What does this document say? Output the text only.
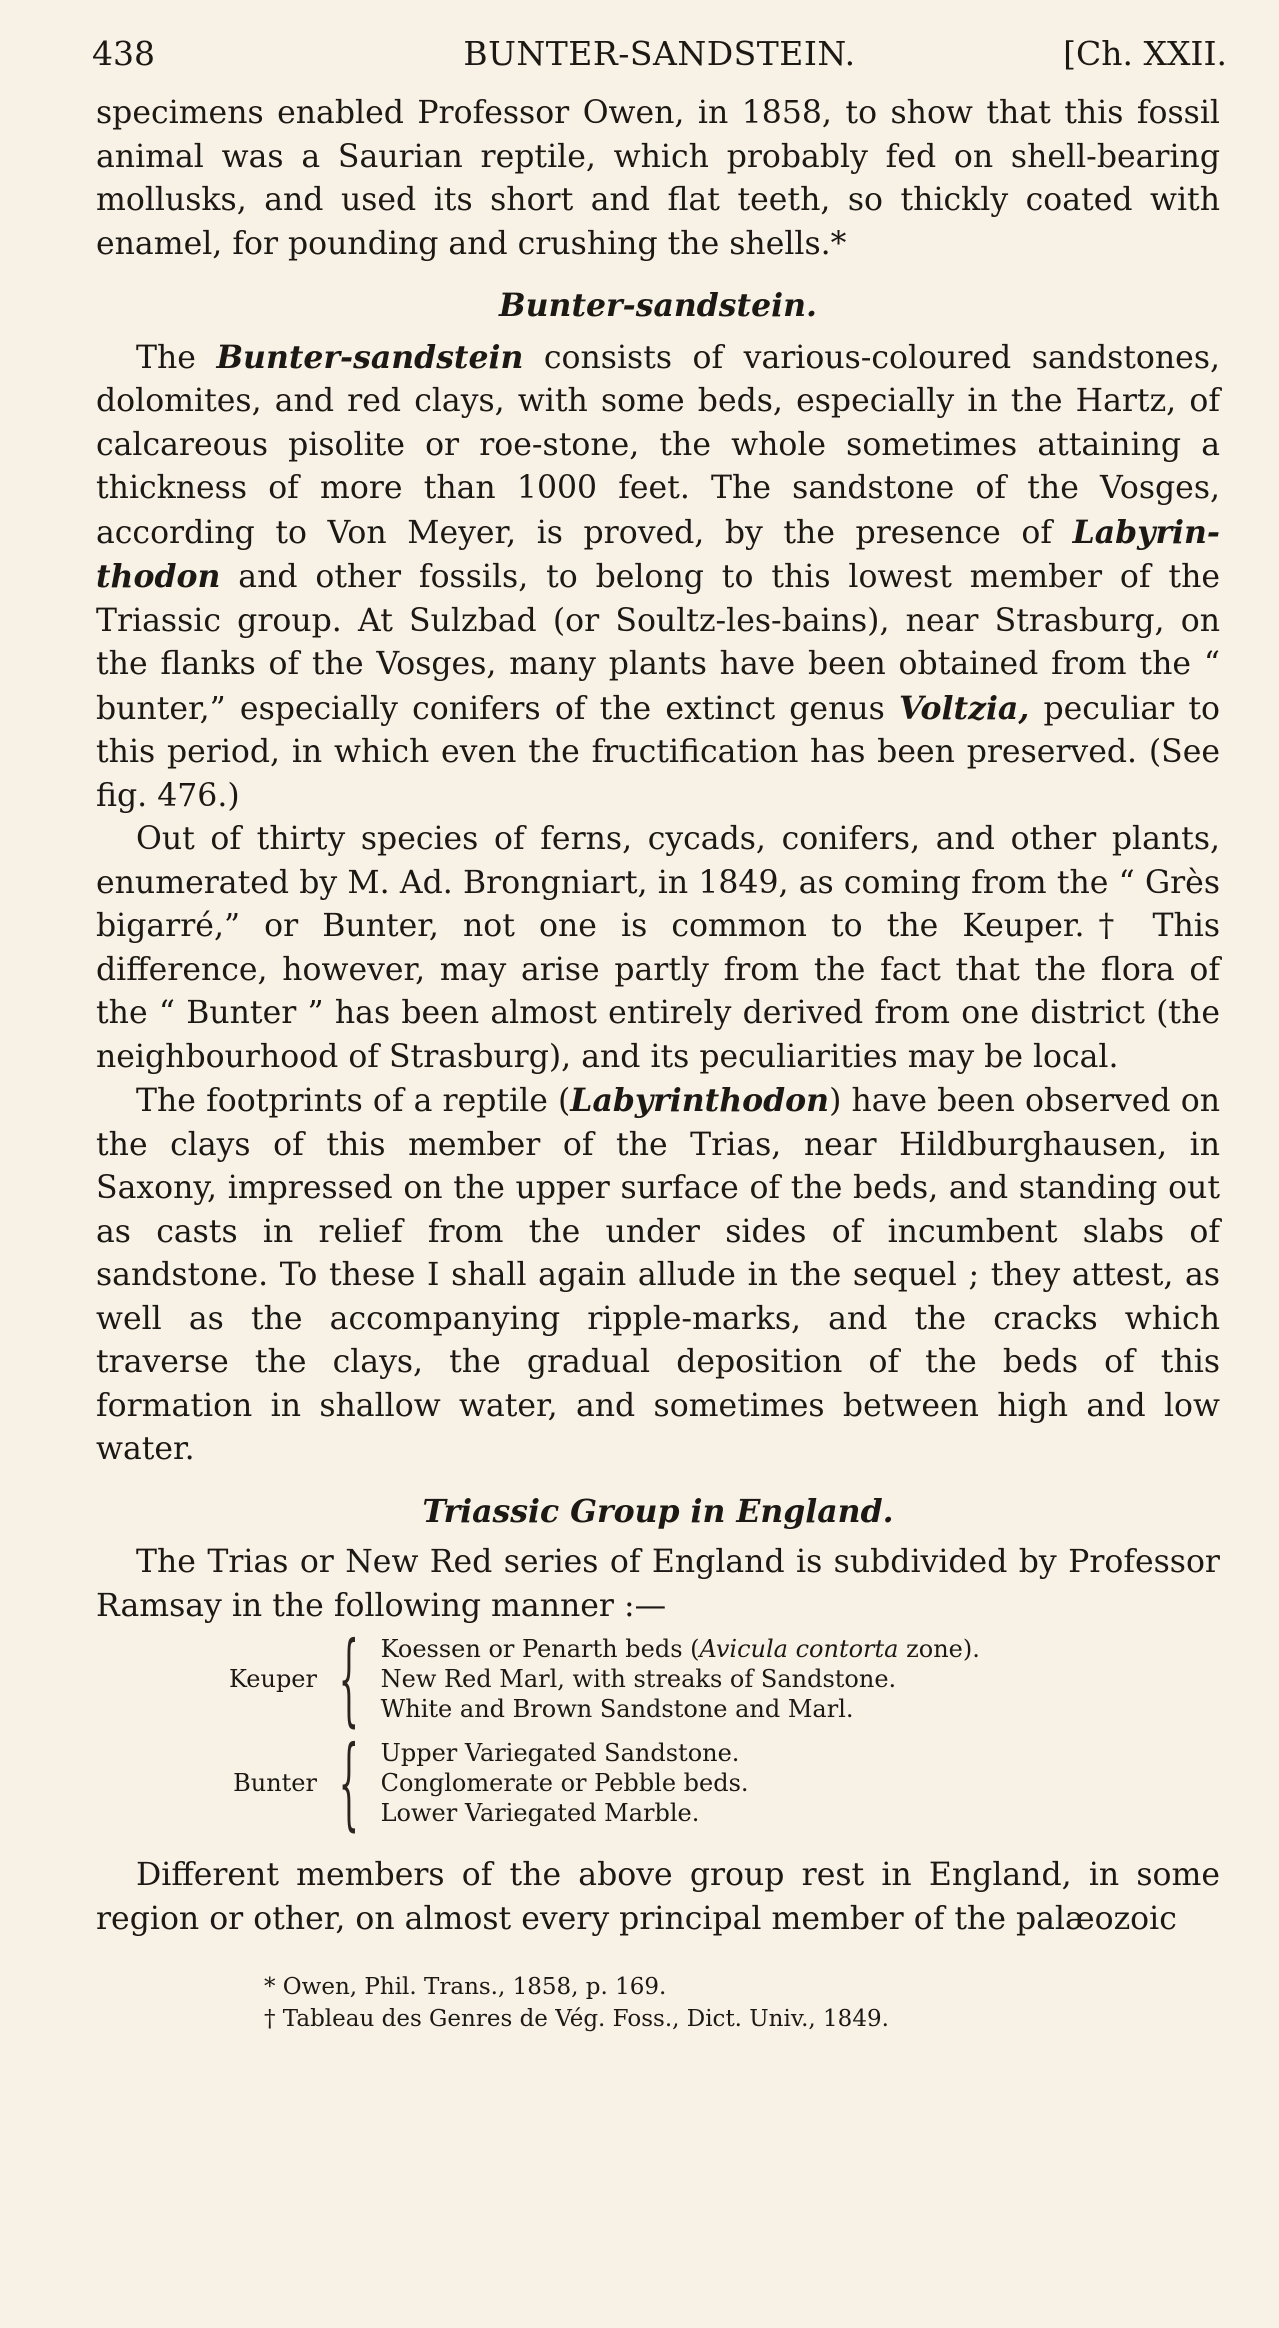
438	BUNTER-SANDSTEIN.	[Ch. XXII.

specimens enabled Professor Owen, in 1858, to show that this fossil animal was a Saurian reptile, which probably fed on shell-bearing mollusks, and used its short and flat teeth, so thickly coated with enamel, for pounding and crushing the shells.*

Bunter-sandstein.

The Bunter-sandstein consists of various-coloured sandstones, dolomites, and red clays, with some beds, especially in the Hartz, of calcareous pisolite or roe-stone, the whole sometimes attaining a thickness of more than 1000 feet. The sandstone of the Vosges, according to Von Meyer, is proved, by the presence of Labyrin-thodon and other fossils, to belong to this lowest member of the Triassic group. At Sulzbad (or Soultz-les-bains), near Strasburg, on the flanks of the Vosges, many plants have been obtained from the “ bunter,” especially conifers of the extinct genus Voltzia, peculiar to this period, in which even the fructification has been preserved. (See fig. 476.)

Out of thirty species of ferns, cycads, conifers, and other plants, enumerated by M. Ad. Brongniart, in 1849, as coming from the “ Grès bigarré,” or Bunter, not one is common to the Keuper.† This difference, however, may arise partly from the fact that the flora of the “ Bunter ” has been almost entirely derived from one district (the neighbourhood of Strasburg), and its peculiarities may be local.

The footprints of a reptile (Labyrinthodon) have been observed on the clays of this member of the Trias, near Hildburghausen, in Saxony, impressed on the upper surface of the beds, and standing out as casts in relief from the under sides of incumbent slabs of sandstone. To these I shall again allude in the sequel ; they attest, as well as the accompanying ripple-marks, and the cracks which traverse the clays, the gradual deposition of the beds of this formation in shallow water, and sometimes between high and low water.

Triassic Group in England.

The Trias or New Red series of England is subdivided by Professor Ramsay in the following manner :—

Keuper	{	Koessen or Penarth beds (Avicula contorta zone).
		New Red Marl, with streaks of Sandstone.
		White and Brown Sandstone and Marl.

Bunter	{	Upper Variegated Sandstone.
		Conglomerate or Pebble beds.
		Lower Variegated Marble.

Different members of the above group rest in England, in some region or other, on almost every principal member of the palæozoic

* Owen, Phil. Trans., 1858, p. 169.
† Tableau des Genres de Vég. Foss., Dict. Univ., 1849.
